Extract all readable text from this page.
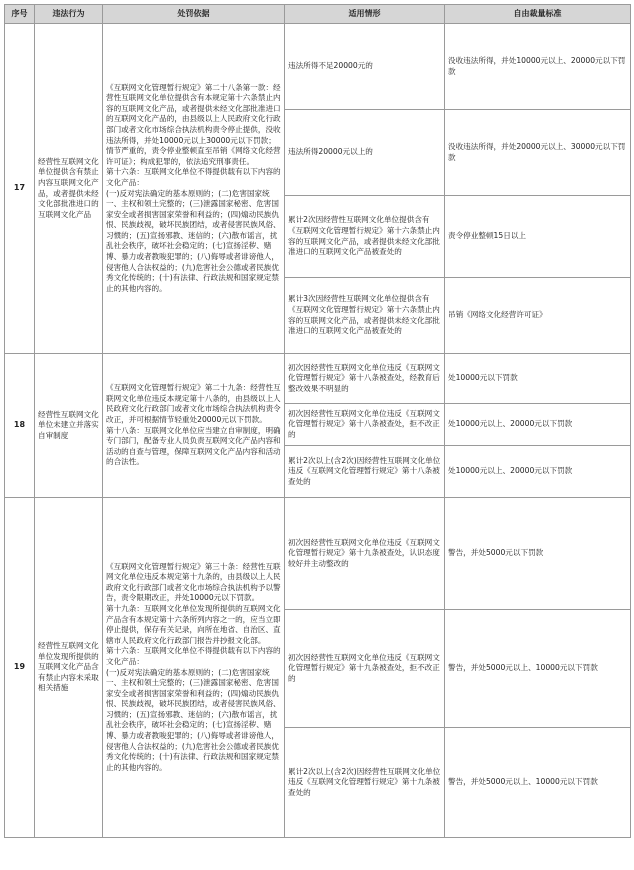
序号	违法行为	处罚依据	适用情形	自由裁量标准
17	经营性互联网文化单位提供含有禁止内容互联网文化产品，或者提供未经文化部批准进口的互联网文化产品	《互联网文化管理暂行规定》第二十八条第一款：经营性互联网文化单位提供含有本规定第十六条禁止内容的互联网文化产品，或者提供未经文化部批准进口的互联网文化产品的，由县级以上人民政府文化行政部门或者文化市场综合执法机构责令停止提供，没收违法所得，并处10000元以上30000元以下罚款；情节严重的，责令停业整顿直至吊销《网络文化经营许可证》；构成犯罪的，依法追究刑事责任。

第十六条：互联网文化单位不得提供载有以下内容的文化产品：

(一)反对宪法确定的基本原则的；(二)危害国家统一、主权和领土完整的；(三)泄露国家秘密、危害国家安全或者损害国家荣誉和利益的；(四)煽动民族仇恨、民族歧视，破坏民族团结，或者侵害民族风俗、习惯的；(五)宣扬邪教、迷信的；(六)散布谣言，扰乱社会秩序，破坏社会稳定的；(七)宣扬淫秽、赌博、暴力或者教唆犯罪的；(八)侮辱或者诽谤他人，侵害他人合法权益的；(九)危害社会公德或者民族优秀文化传统的；(十)有法律、行政法规和国家规定禁止的其他内容的。	违法所得不足20000元的	没收违法所得，并处10000元以上、20000元以下罚款
			违法所得20000元以上的	没收违法所得，并处20000元以上、30000元以下罚款
			累计2次因经营性互联网文化单位提供含有《互联网文化管理暂行规定》第十六条禁止内容的互联网文化产品，或者提供未经文化部批准进口的互联网文化产品被查处的	责令停业整顿15日以上
			累计3次因经营性互联网文化单位提供含有《互联网文化管理暂行规定》第十六条禁止内容的互联网文化产品，或者提供未经文化部批准进口的互联网文化产品被查处的	吊销《网络文化经营许可证》
18	经营性互联网文化单位未建立并落实自审制度	《互联网文化管理暂行规定》第二十九条：经营性互联网文化单位违反本规定第十八条的，由县级以上人民政府文化行政部门或者文化市场综合执法机构责令改正，并可根据情节轻重处20000元以下罚款。

第十八条：互联网文化单位应当建立自审制度，明确专门部门，配备专业人员负责互联网文化产品内容和活动的自查与管理，保障互联网文化产品内容和活动的合法性。	初次因经营性互联网文化单位违反《互联网文化管理暂行规定》第十八条被查处，经教育后整改效果不明显的	处10000元以下罚款
			初次因经营性互联网文化单位违反《互联网文化管理暂行规定》第十八条被查处，拒不改正的	处10000元以上、20000元以下罚款
			累计2次以上(含2次)因经营性互联网文化单位违反《互联网文化管理暂行规定》第十八条被查处的	处10000元以上、20000元以下罚款
19	经营性互联网文化单位发现所提供的互联网文化产品含有禁止内容未采取相关措施	《互联网文化管理暂行规定》第三十条：经营性互联网文化单位违反本规定第十九条的，由县级以上人民政府文化行政部门或者文化市场综合执法机构予以警告，责令限期改正，并处10000元以下罚款。

第十九条：互联网文化单位发现所提供的互联网文化产品含有本规定第十六条所列内容之一的，应当立即停止提供，保存有关记录，向所在地省、自治区、直辖市人民政府文化行政部门报告并抄报文化部。

第十六条：互联网文化单位不得提供载有以下内容的文化产品：

(一)反对宪法确定的基本原则的；(二)危害国家统一、主权和领土完整的；(三)泄露国家秘密、危害国家安全或者损害国家荣誉和利益的；(四)煽动民族仇恨、民族歧视，破坏民族团结，或者侵害民族风俗、习惯的；(五)宣扬邪教、迷信的；(六)散布谣言，扰乱社会秩序，破坏社会稳定的；(七)宣扬淫秽、赌博、暴力或者教唆犯罪的；(八)侮辱或者诽谤他人，侵害他人合法权益的；(九)危害社会公德或者民族优秀文化传统的；(十)有法律、行政法规和国家规定禁止的其他内容的。	初次因经营性互联网文化单位违反《互联网文化管理暂行规定》第十九条被查处，认识态度较好并主动整改的	警告，并处5000元以下罚款
			初次因经营性互联网文化单位违反《互联网文化管理暂行规定》第十九条被查处，拒不改正的	警告，并处5000元以上、10000元以下罚款
			累计2次以上(含2次)因经营性互联网文化单位违反《互联网文化管理暂行规定》第十九条被查处的	警告，并处5000元以上、10000元以下罚款
